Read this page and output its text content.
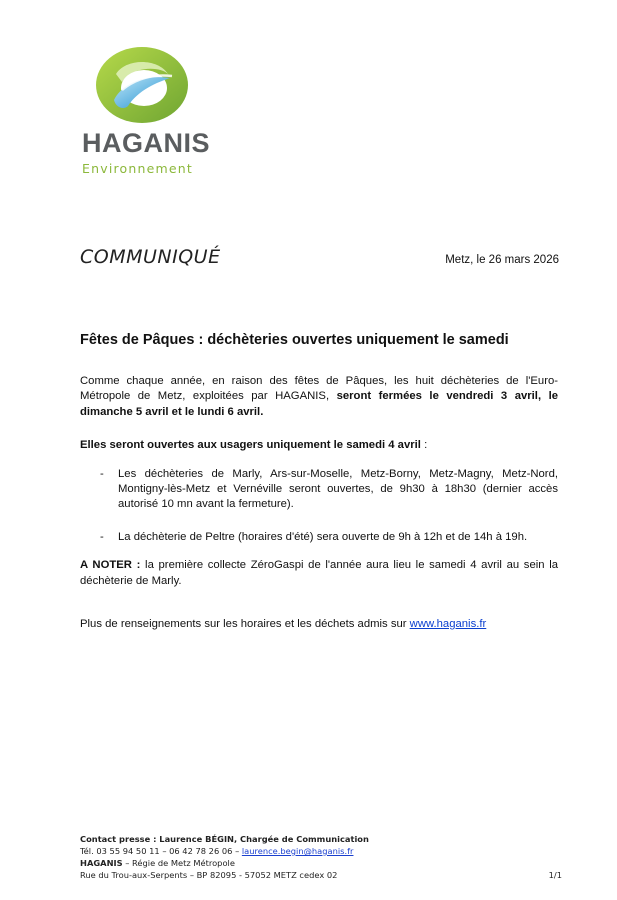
HAGANIS
Environnement
COMMUNIQUÉ	Metz, le 26 mars 2026
Fêtes de Pâques : déchèteries ouvertes uniquement le samedi

Comme chaque année, en raison des fêtes de Pâques, les huit déchèteries de l'Euro-Métropole de Metz, exploitées par HAGANIS, seront fermées le vendredi 3 avril, le dimanche 5 avril et le lundi 6 avril.

Elles seront ouvertes aux usagers uniquement le samedi 4 avril :

- Les déchèteries de Marly, Ars-sur-Moselle, Metz-Borny, Metz-Magny, Metz-Nord, Montigny-lès-Metz et Vernéville seront ouvertes, de 9h30 à 18h30 (dernier accès autorisé 10 mn avant la fermeture).
- La déchèterie de Peltre (horaires d'été) sera ouverte de 9h à 12h et de 14h à 19h.

A NOTER : la première collecte ZéroGaspi de l'année aura lieu le samedi 4 avril au sein la déchèterie de Marly.

Plus de renseignements sur les horaires et les déchets admis sur www.haganis.fr

Contact presse : Laurence BÉGIN, Chargée de Communication
Tél. 03 55 94 50 11 – 06 42 78 26 06 – laurence.begin@haganis.fr
HAGANIS – Régie de Metz Métropole
Rue du Trou-aux-Serpents – BP 82095 - 57052 METZ cedex 02	1/1
